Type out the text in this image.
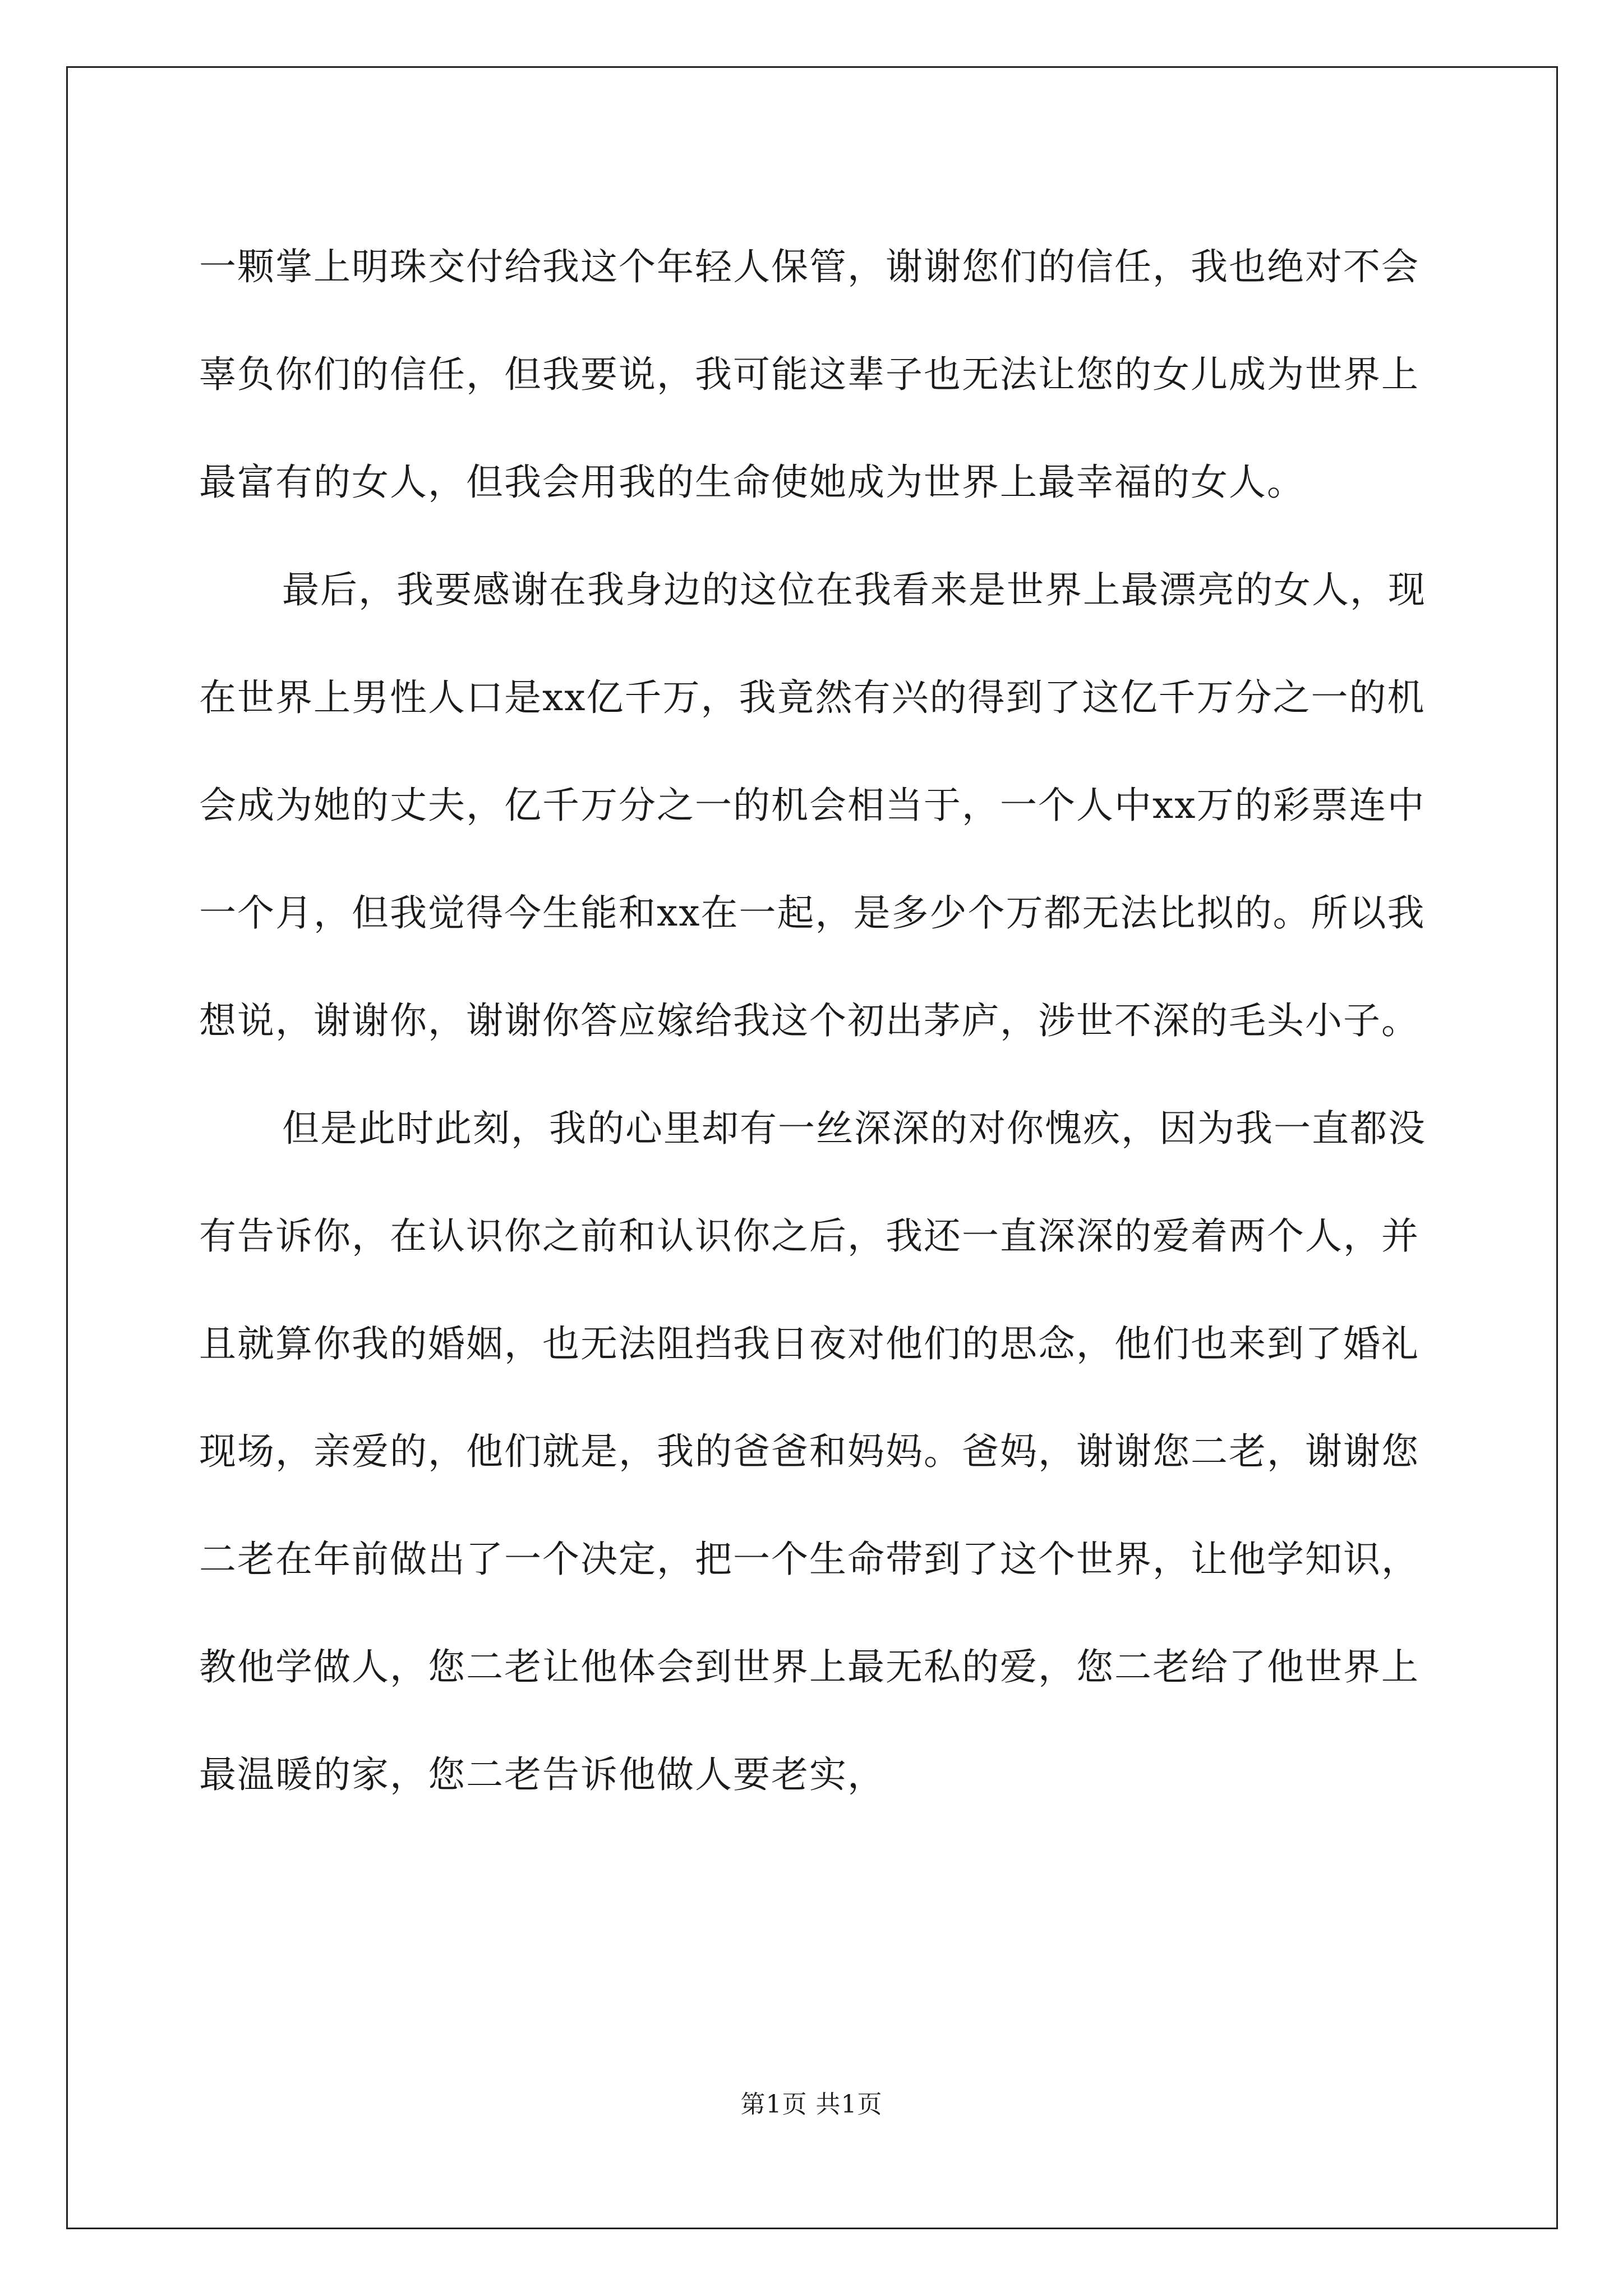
一颗掌上明珠交付给我这个年轻人保管，谢谢您们的信任，我也绝对不会辜负你们的信任，但我要说，我可能这辈子也无法让您的女儿成为世界上最富有的女人，但我会用我的生命使她成为世界上最幸福的女人。

最后，我要感谢在我身边的这位在我看来是世界上最漂亮的女人，现在世界上男性人口是xx亿千万，我竟然有兴的得到了这亿千万分之一的机会成为她的丈夫，亿千万分之一的机会相当于，一个人中xx万的彩票连中一个月，但我觉得今生能和xx在一起，是多少个万都无法比拟的。所以我想说，谢谢你，谢谢你答应嫁给我这个初出茅庐，涉世不深的毛头小子。

但是此时此刻，我的心里却有一丝深深的对你愧疚，因为我一直都没有告诉你，在认识你之前和认识你之后，我还一直深深的爱着两个人，并且就算你我的婚姻，也无法阻挡我日夜对他们的思念，他们也来到了婚礼现场，亲爱的，他们就是，我的爸爸和妈妈。爸妈，谢谢您二老，谢谢您二老在年前做出了一个决定，把一个生命带到了这个世界，让他学知识，教他学做人，您二老让他体会到世界上最无私的爱，您二老给了他世界上最温暖的家，您二老告诉他做人要老实，

第1页 共1页
